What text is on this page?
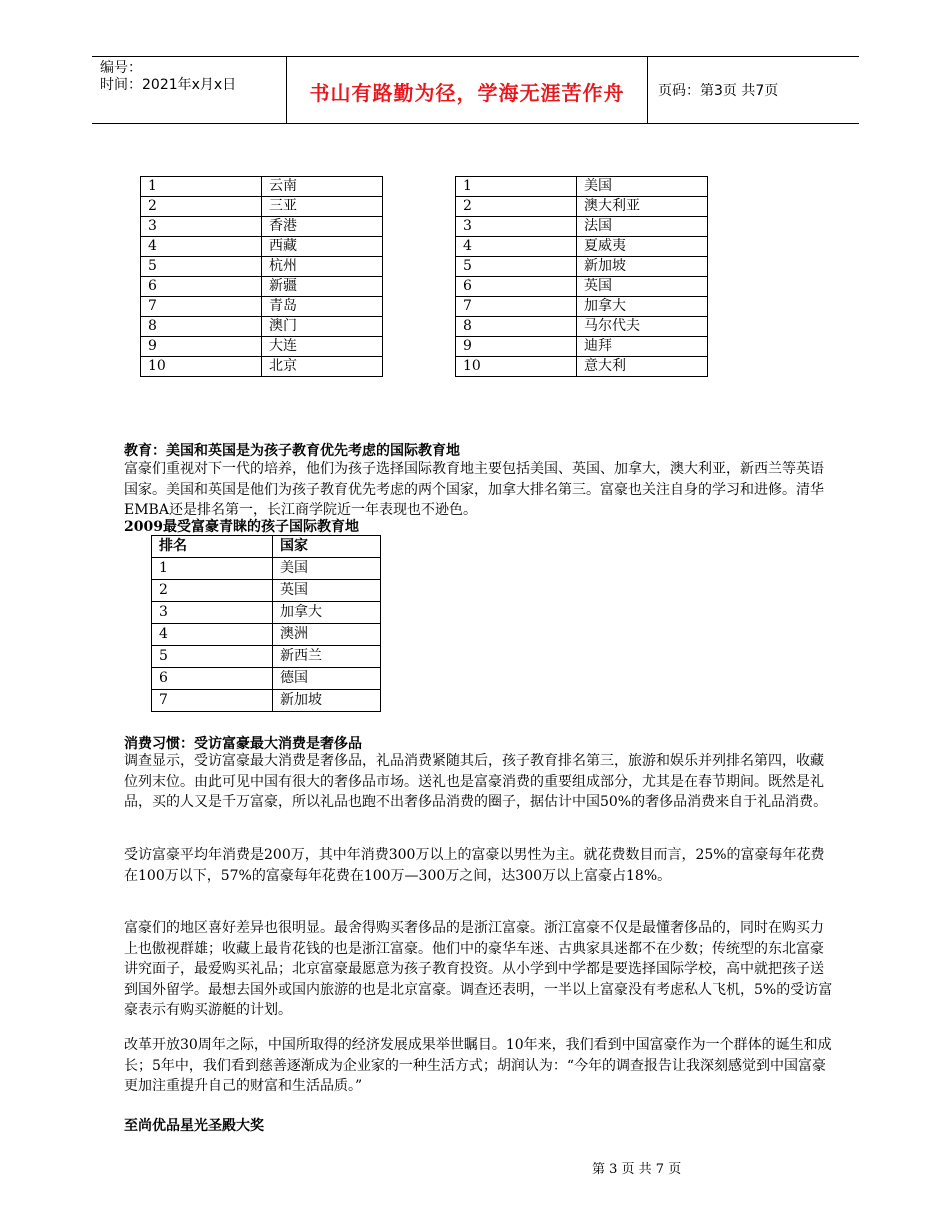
编号：
时间：2021年x月x日	书山有路勤为径，学海无涯苦作舟	页码：第3页 共7页
1	云南
2	三亚
3	香港
4	西藏
5	杭州
6	新疆
7	青岛
8	澳门
9	大连
10	北京
1	美国
2	澳大利亚
3	法国
4	夏威夷
5	新加坡
6	英国
7	加拿大
8	马尔代夫
9	迪拜
10	意大利
教育：美国和英国是为孩子教育优先考虑的国际教育地
富豪们重视对下一代的培养，他们为孩子选择国际教育地主要包括美国、英国、加拿大，澳大利亚，新西兰等英语国家。美国和英国是他们为孩子教育优先考虑的两个国家，加拿大排名第三。富豪也关注自身的学习和进修。清华EMBA还是排名第一，长江商学院近一年表现也不逊色。
2009最受富豪青睐的孩子国际教育地
排名	国家
1	美国
2	英国
3	加拿大
4	澳洲
5	新西兰
6	德国
7	新加坡
消费习惯：受访富豪最大消费是奢侈品
调查显示，受访富豪最大消费是奢侈品，礼品消费紧随其后，孩子教育排名第三，旅游和娱乐并列排名第四，收藏位列末位。由此可见中国有很大的奢侈品市场。送礼也是富豪消费的重要组成部分，尤其是在春节期间。既然是礼品，买的人又是千万富豪，所以礼品也跑不出奢侈品消费的圈子，据估计中国50%的奢侈品消费来自于礼品消费。
受访富豪平均年消费是200万，其中年消费300万以上的富豪以男性为主。就花费数目而言，25%的富豪每年花费在100万以下，57%的富豪每年花费在100万—300万之间，达300万以上富豪占18%。
富豪们的地区喜好差异也很明显。最舍得购买奢侈品的是浙江富豪。浙江富豪不仅是最懂奢侈品的，同时在购买力上也傲视群雄；收藏上最肯花钱的也是浙江富豪。他们中的豪华车迷、古典家具迷都不在少数；传统型的东北富豪讲究面子，最爱购买礼品；北京富豪最愿意为孩子教育投资。从小学到中学都是要选择国际学校，高中就把孩子送到国外留学。最想去国外或国内旅游的也是北京富豪。调查还表明，一半以上富豪没有考虑私人飞机，5%的受访富豪表示有购买游艇的计划。
改革开放30周年之际，中国所取得的经济发展成果举世瞩目。10年来，我们看到中国富豪作为一个群体的诞生和成长；5年中，我们看到慈善逐渐成为企业家的一种生活方式；胡润认为：“今年的调查报告让我深刻感觉到中国富豪更加注重提升自己的财富和生活品质。”
至尚优品星光圣殿大奖
第 3 页 共 7 页
